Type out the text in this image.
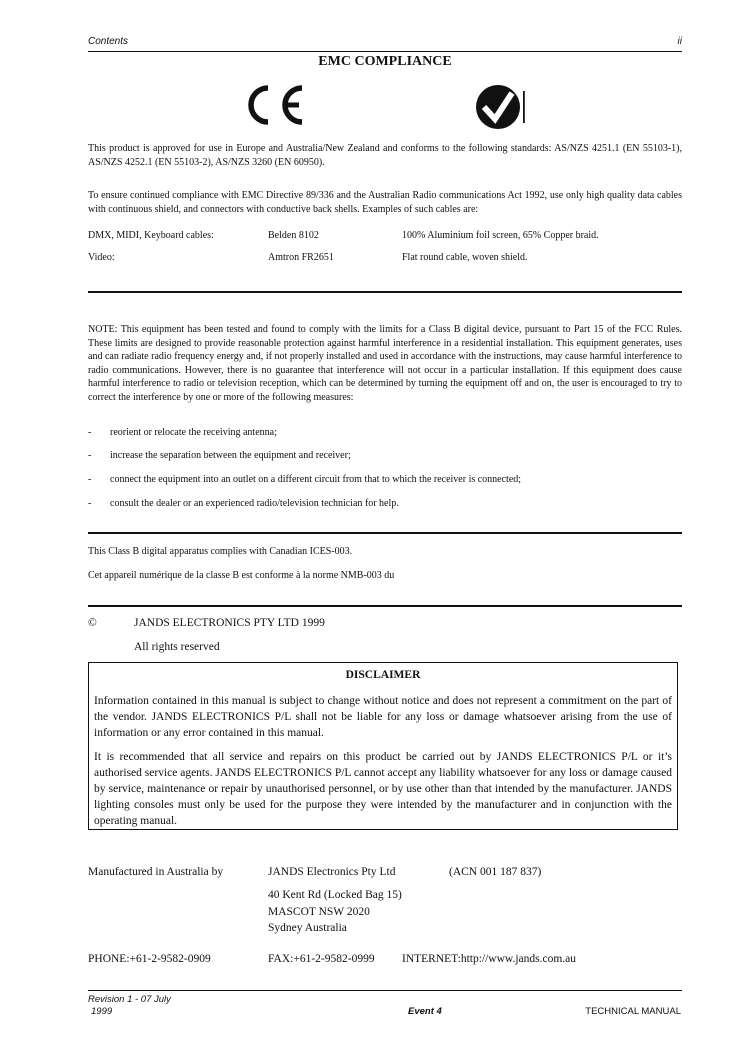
Contents	ii
EMC COMPLIANCE
This product is approved for use in Europe and Australia/New Zealand and conforms to the following standards: AS/NZS 4251.1 (EN 55103-1), AS/NZS 4252.1 (EN 55103-2), AS/NZS 3260 (EN 60950).
To ensure continued compliance with EMC Directive 89/336 and the Australian Radio communications Act 1992, use only high quality data cables with continuous shield, and connectors with conductive back shells. Examples of such cables are:
DMX, MIDI, Keyboard cables:	Belden 8102	100% Aluminium foil screen, 65% Copper braid.
Video:	Amtron FR2651	Flat round cable, woven shield.
NOTE: This equipment has been tested and found to comply with the limits for a Class B digital device, pursuant to Part 15 of the FCC Rules. These limits are designed to provide reasonable protection against harmful interference in a residential installation. This equipment generates, uses and can radiate radio frequency energy and, if not properly installed and used in accordance with the instructions, may cause harmful interference to radio communications. However, there is no guarantee that interference will not occur in a particular installation. If this equipment does cause harmful interference to radio or television reception, which can be determined by turning the equipment off and on, the user is encouraged to try to correct the interference by one or more of the following measures:
- reorient or relocate the receiving antenna;
- increase the separation between the equipment and receiver;
- connect the equipment into an outlet on a different circuit from that to which the receiver is connected;
- consult the dealer or an experienced radio/television technician for help.
This Class B digital apparatus complies with Canadian ICES-003.
Cet appareil numérique de la classe B est conforme à la norme NMB-003 du
©	JANDS ELECTRONICS PTY LTD 1999
All rights reserved
DISCLAIMER
Information contained in this manual is subject to change without notice and does not represent a commitment on the part of the vendor. JANDS ELECTRONICS P/L shall not be liable for any loss or damage whatsoever arising from the use of information or any error contained in this manual.
It is recommended that all service and repairs on this product be carried out by JANDS ELECTRONICS P/L or it’s authorised service agents. JANDS ELECTRONICS P/L cannot accept any liability whatsoever for any loss or damage caused by service, maintenance or repair by unauthorised personnel, or by use other than that intended by the manufacturer. JANDS lighting consoles must only be used for the purpose they were intended by the manufacturer and in conjunction with the operating manual.
Manufactured in Australia by	JANDS Electronics Pty Ltd	(ACN 001 187 837)
40 Kent Rd (Locked Bag 15)
MASCOT NSW 2020
Sydney Australia
PHONE:+61-2-9582-0909	FAX:+61-2-9582-0999 INTERNET:http://www.jands.com.au
Revision 1 - 07 July
1999	Event 4	TECHNICAL MANUAL
